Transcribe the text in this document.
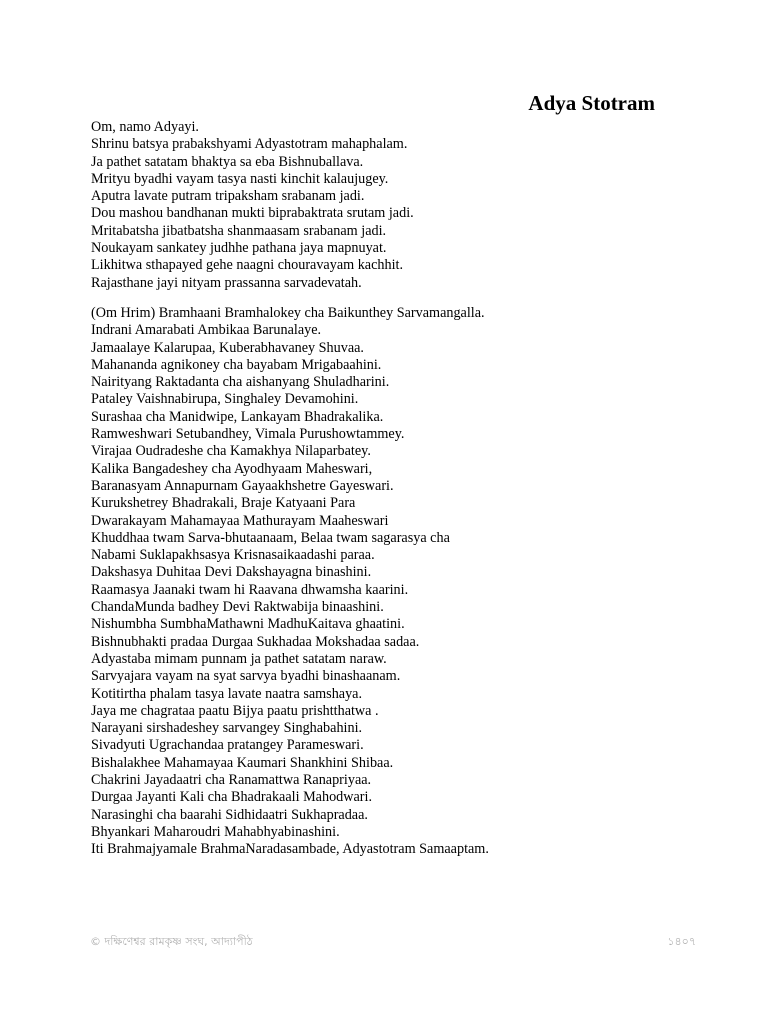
Adya Stotram
Om, namo Adyayi.
Shrinu batsya prabakshyami Adyastotram mahaphalam.
Ja pathet satatam bhaktya sa eba Bishnuballava.
Mrityu byadhi vayam tasya nasti kinchit kalaujugey.
Aputra lavate putram tripaksham srabanam jadi.
Dou mashou bandhanan mukti biprabaktrata srutam jadi.
Mritabatsha jibatbatsha shanmaasam srabanam jadi.
Noukayam sankatey judhhe pathana jaya mapnuyat.
Likhitwa sthapayed gehe naagni chouravayam kachhit.
Rajasthane jayi nityam prassanna sarvadevatah.
(Om Hrim) Bramhaani Bramhalokey cha Baikunthey Sarvamangalla.
Indrani Amarabati Ambikaa Barunalaye.
Jamaalaye Kalarupaa, Kuberabhavaney Shuvaa.
Mahananda agnikoney cha bayabam Mrigabaahini.
Nairityang Raktadanta cha aishanyang Shuladharini.
Pataley Vaishnabirupa, Singhaley Devamohini.
Surashaa cha Manidwipe, Lankayam Bhadrakalika.
Ramweshwari Setubandhey, Vimala Purushowtammey.
Virajaa Oudradeshe cha Kamakhya Nilaparbatey.
Kalika Bangadeshey cha Ayodhyaam Maheswari,
Baranasyam Annapurnam Gayaakhshetre Gayeswari.
Kurukshetrey Bhadrakali, Braje Katyaani Para
Dwarakayam Mahamayaa Mathurayam Maaheswari
Khuddhaa twam Sarva-bhutaanaam, Belaa twam sagarasya cha
Nabami Suklapakhsasya Krisnasaikaadashi paraa.
Dakshasya Duhitaa Devi Dakshayagna binashini.
Raamasya Jaanaki twam hi Raavana dhwamsha kaarini.
ChandaMunda badhey Devi Raktwabija binaashini.
Nishumbha SumbhaMathawni MadhuKaitava ghaatini.
Bishnubhakti pradaa Durgaa Sukhadaa Mokshadaa sadaa.
Adyastaba mimam punnam ja pathet satatam naraw.
Sarvyajara vayam na syat sarvya byadhi binashaanam.
Kotitirtha phalam tasya lavate naatra samshaya.
Jaya me chagrataa paatu Bijya paatu prishtthatwa .
Narayani sirshadeshey sarvangey Singhabahini.
Sivadyuti Ugrachandaa pratangey Parameswari.
Bishalakhee Mahamayaa Kaumari Shankhini Shibaa.
Chakrini Jayadaatri cha Ranamattwa Ranapriyaa.
Durgaa Jayanti Kali cha Bhadrakaali Mahodwari.
Narasinghi cha baarahi Sidhidaatri Sukhapradaa.
Bhyankari Maharoudri Mahabhyabinashini.
Iti Brahmajyamale BrahmaNaradasambade, Adyastotram Samaaptam.
© দক্ষিণেশ্বর রামকৃষ্ণ সংঘ, আদ্যাপীঠ	১৪০৭
